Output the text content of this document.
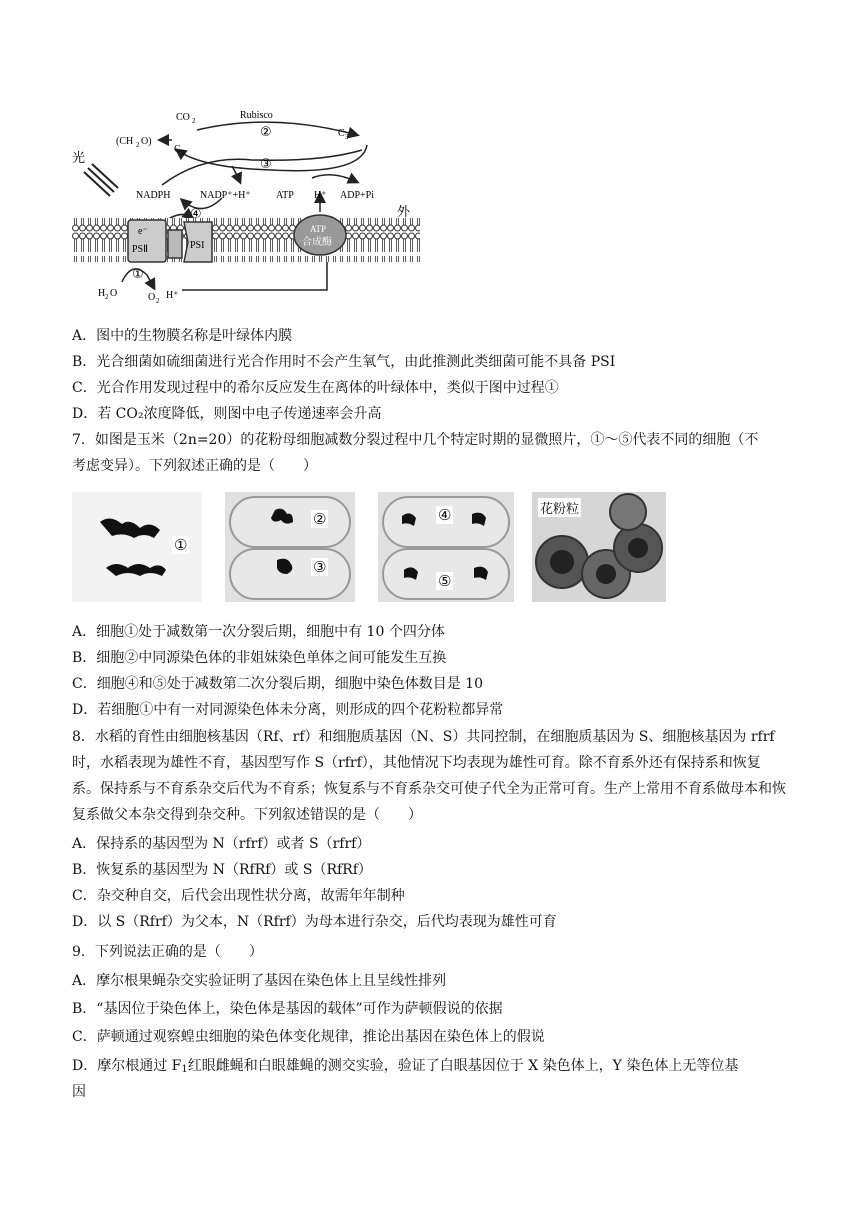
光
外
CO 2	Rubisco
②	C 3
(CH 2 O)
C 5
③
NADPH	NADP⁺+H⁺	ATP H⁺ ADP+Pi
④
e⁻
PSⅡ	PSI
ATP
合成酶
①
H 2 O	O 2 H⁺
A．图中的生物膜名称是叶绿体内膜
B．光合细菌如硫细菌进行光合作用时不会产生氧气，由此推测此类细菌可能不具备 PSI
C．光合作用发现过程中的希尔反应发生在离体的叶绿体中，类似于图中过程①
D．若 CO₂浓度降低，则图中电子传递速率会升高
7．如图是玉米（2n=20）的花粉母细胞减数分裂过程中几个特定时期的显微照片，①～⑤代表不同的细胞（不
考虑变异）。下列叙述正确的是（　　）
①
②
③
④
⑤
花粉粒
A．细胞①处于减数第一次分裂后期，细胞中有 10 个四分体
B．细胞②中同源染色体的非姐妹染色单体之间可能发生互换
C．细胞④和⑤处于减数第二次分裂后期，细胞中染色体数目是 10
D．若细胞①中有一对同源染色体未分离，则形成的四个花粉粒都异常
8．水稻的育性由细胞核基因（Rf、rf）和细胞质基因（N、S）共同控制，在细胞质基因为 S、细胞核基因为 rfrf 时，水稻表现为雄性不育，基因型写作 S（rfrf），其他情况下均表现为雄性可育。除不育系外还有保持系和恢复系。保持系与不育系杂交后代为不育系；恢复系与不育系杂交可使子代全为正常可育。生产上常用不育系做母本和恢复系做父本杂交得到杂交种。下列叙述错误的是（　　）
A．保持系的基因型为 N（rfrf）或者 S（rfrf）
B．恢复系的基因型为 N（RfRf）或 S（RfRf）
C．杂交种自交，后代会出现性状分离，故需年年制种
D．以 S（Rfrf）为父本，N（Rfrf）为母本进行杂交，后代均表现为雄性可育
9．下列说法正确的是（　　）
A．摩尔根果蝇杂交实验证明了基因在染色体上且呈线性排列
B．“基因位于染色体上，染色体是基因的载体”可作为萨顿假说的依据
C．萨顿通过观察蝗虫细胞的染色体变化规律，推论出基因在染色体上的假说
D．摩尔根通过 $F_1$红眼雌蝇和白眼雄蝇的测交实验，验证了白眼基因位于 X 染色体上，Y 染色体上无等位基
因
